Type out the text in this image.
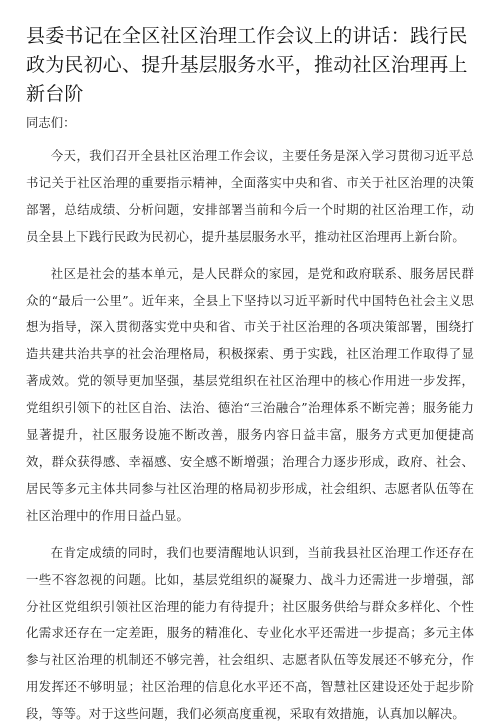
县委书记在全区社区治理工作会议上的讲话：践行民政为民初心、提升基层服务水平，推动社区治理再上新台阶
同志们：

今天，我们召开全县社区治理工作会议，主要任务是深入学习贯彻习近平总书记关于社区治理的重要指示精神，全面落实中央和省、市关于社区治理的决策部署，总结成绩、分析问题，安排部署当前和今后一个时期的社区治理工作，动员全县上下践行民政为民初心，提升基层服务水平，推动社区治理再上新台阶。

社区是社会的基本单元，是人民群众的家园，是党和政府联系、服务居民群众的“最后一公里”。近年来，全县上下坚持以习近平新时代中国特色社会主义思想为指导，深入贯彻落实党中央和省、市关于社区治理的各项决策部署，围绕打造共建共治共享的社会治理格局，积极探索、勇于实践，社区治理工作取得了显著成效。党的领导更加坚强，基层党组织在社区治理中的核心作用进一步发挥，党组织引领下的社区自治、法治、德治“三治融合”治理体系不断完善；服务能力显著提升，社区服务设施不断改善，服务内容日益丰富，服务方式更加便捷高效，群众获得感、幸福感、安全感不断增强；治理合力逐步形成，政府、社会、居民等多元主体共同参与社区治理的格局初步形成，社会组织、志愿者队伍等在社区治理中的作用日益凸显。

在肯定成绩的同时，我们也要清醒地认识到，当前我县社区治理工作还存在一些不容忽视的问题。比如，基层党组织的凝聚力、战斗力还需进一步增强，部分社区党组织引领社区治理的能力有待提升；社区服务供给与群众多样化、个性化需求还存在一定差距，服务的精准化、专业化水平还需进一步提高；多元主体参与社区治理的机制还不够完善，社会组织、志愿者队伍等发展还不够充分，作用发挥还不够明显；社区治理的信息化水平还不高，智慧社区建设还处于起步阶段，等等。对于这些问题，我们必须高度重视，采取有效措施，认真加以解决。
